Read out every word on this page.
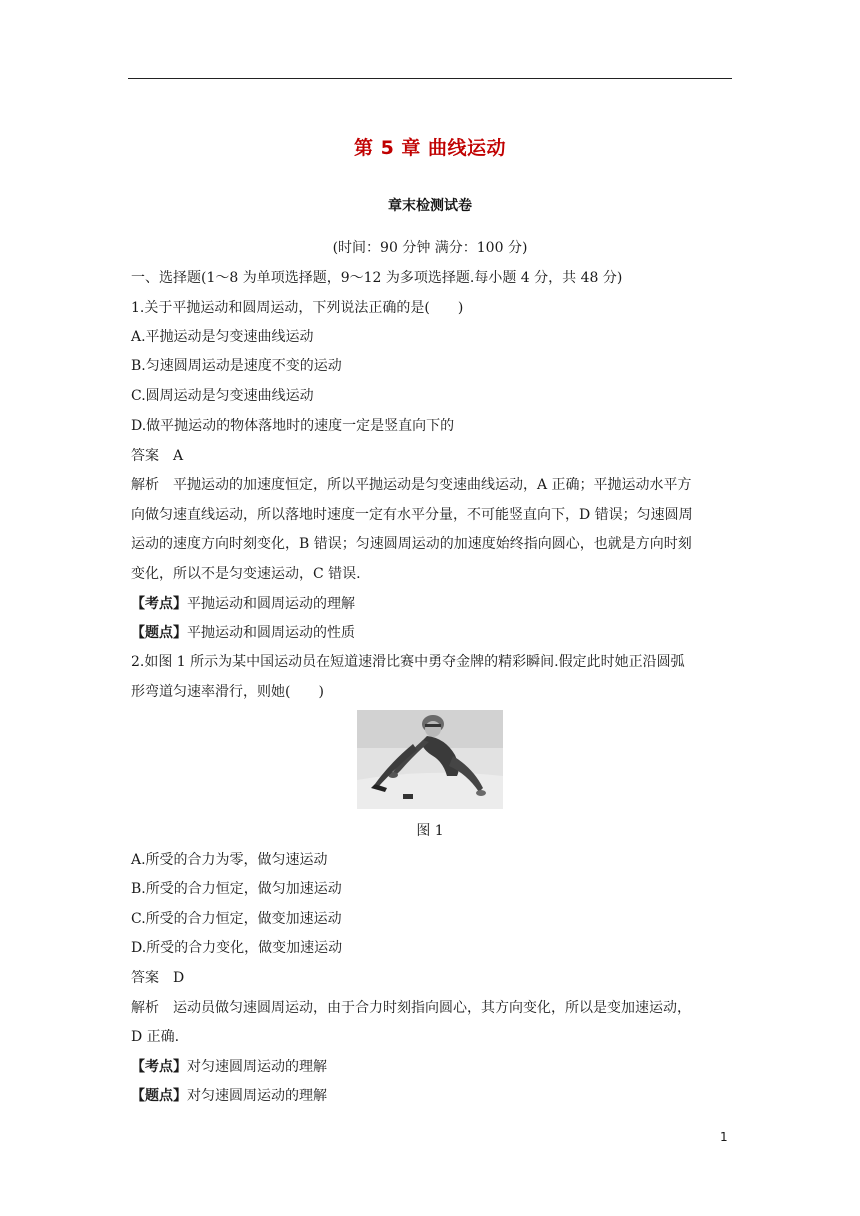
第 5 章 曲线运动
章末检测试卷
(时间：90 分钟 满分：100 分)
一、选择题(1～8 为单项选择题，9～12 为多项选择题.每小题 4 分，共 48 分)
1.关于平抛运动和圆周运动，下列说法正确的是(　　)
A.平抛运动是匀变速曲线运动
B.匀速圆周运动是速度不变的运动
C.圆周运动是匀变速曲线运动
D.做平抛运动的物体落地时的速度一定是竖直向下的
答案　A
解析　平抛运动的加速度恒定，所以平抛运动是匀变速曲线运动，A 正确；平抛运动水平方
向做匀速直线运动，所以落地时速度一定有水平分量，不可能竖直向下，D 错误；匀速圆周
运动的速度方向时刻变化，B 错误；匀速圆周运动的加速度始终指向圆心，也就是方向时刻
变化，所以不是匀变速运动，C 错误.
【考点】平抛运动和圆周运动的理解
【题点】平抛运动和圆周运动的性质
2.如图 1 所示为某中国运动员在短道速滑比赛中勇夺金牌的精彩瞬间.假定此时她正沿圆弧
形弯道匀速率滑行，则她(　　)
图 1
A.所受的合力为零，做匀速运动
B.所受的合力恒定，做匀加速运动
C.所受的合力恒定，做变加速运动
D.所受的合力变化，做变加速运动
答案　D
解析　运动员做匀速圆周运动，由于合力时刻指向圆心，其方向变化，所以是变加速运动，
D 正确.
【考点】对匀速圆周运动的理解
【题点】对匀速圆周运动的理解
1
